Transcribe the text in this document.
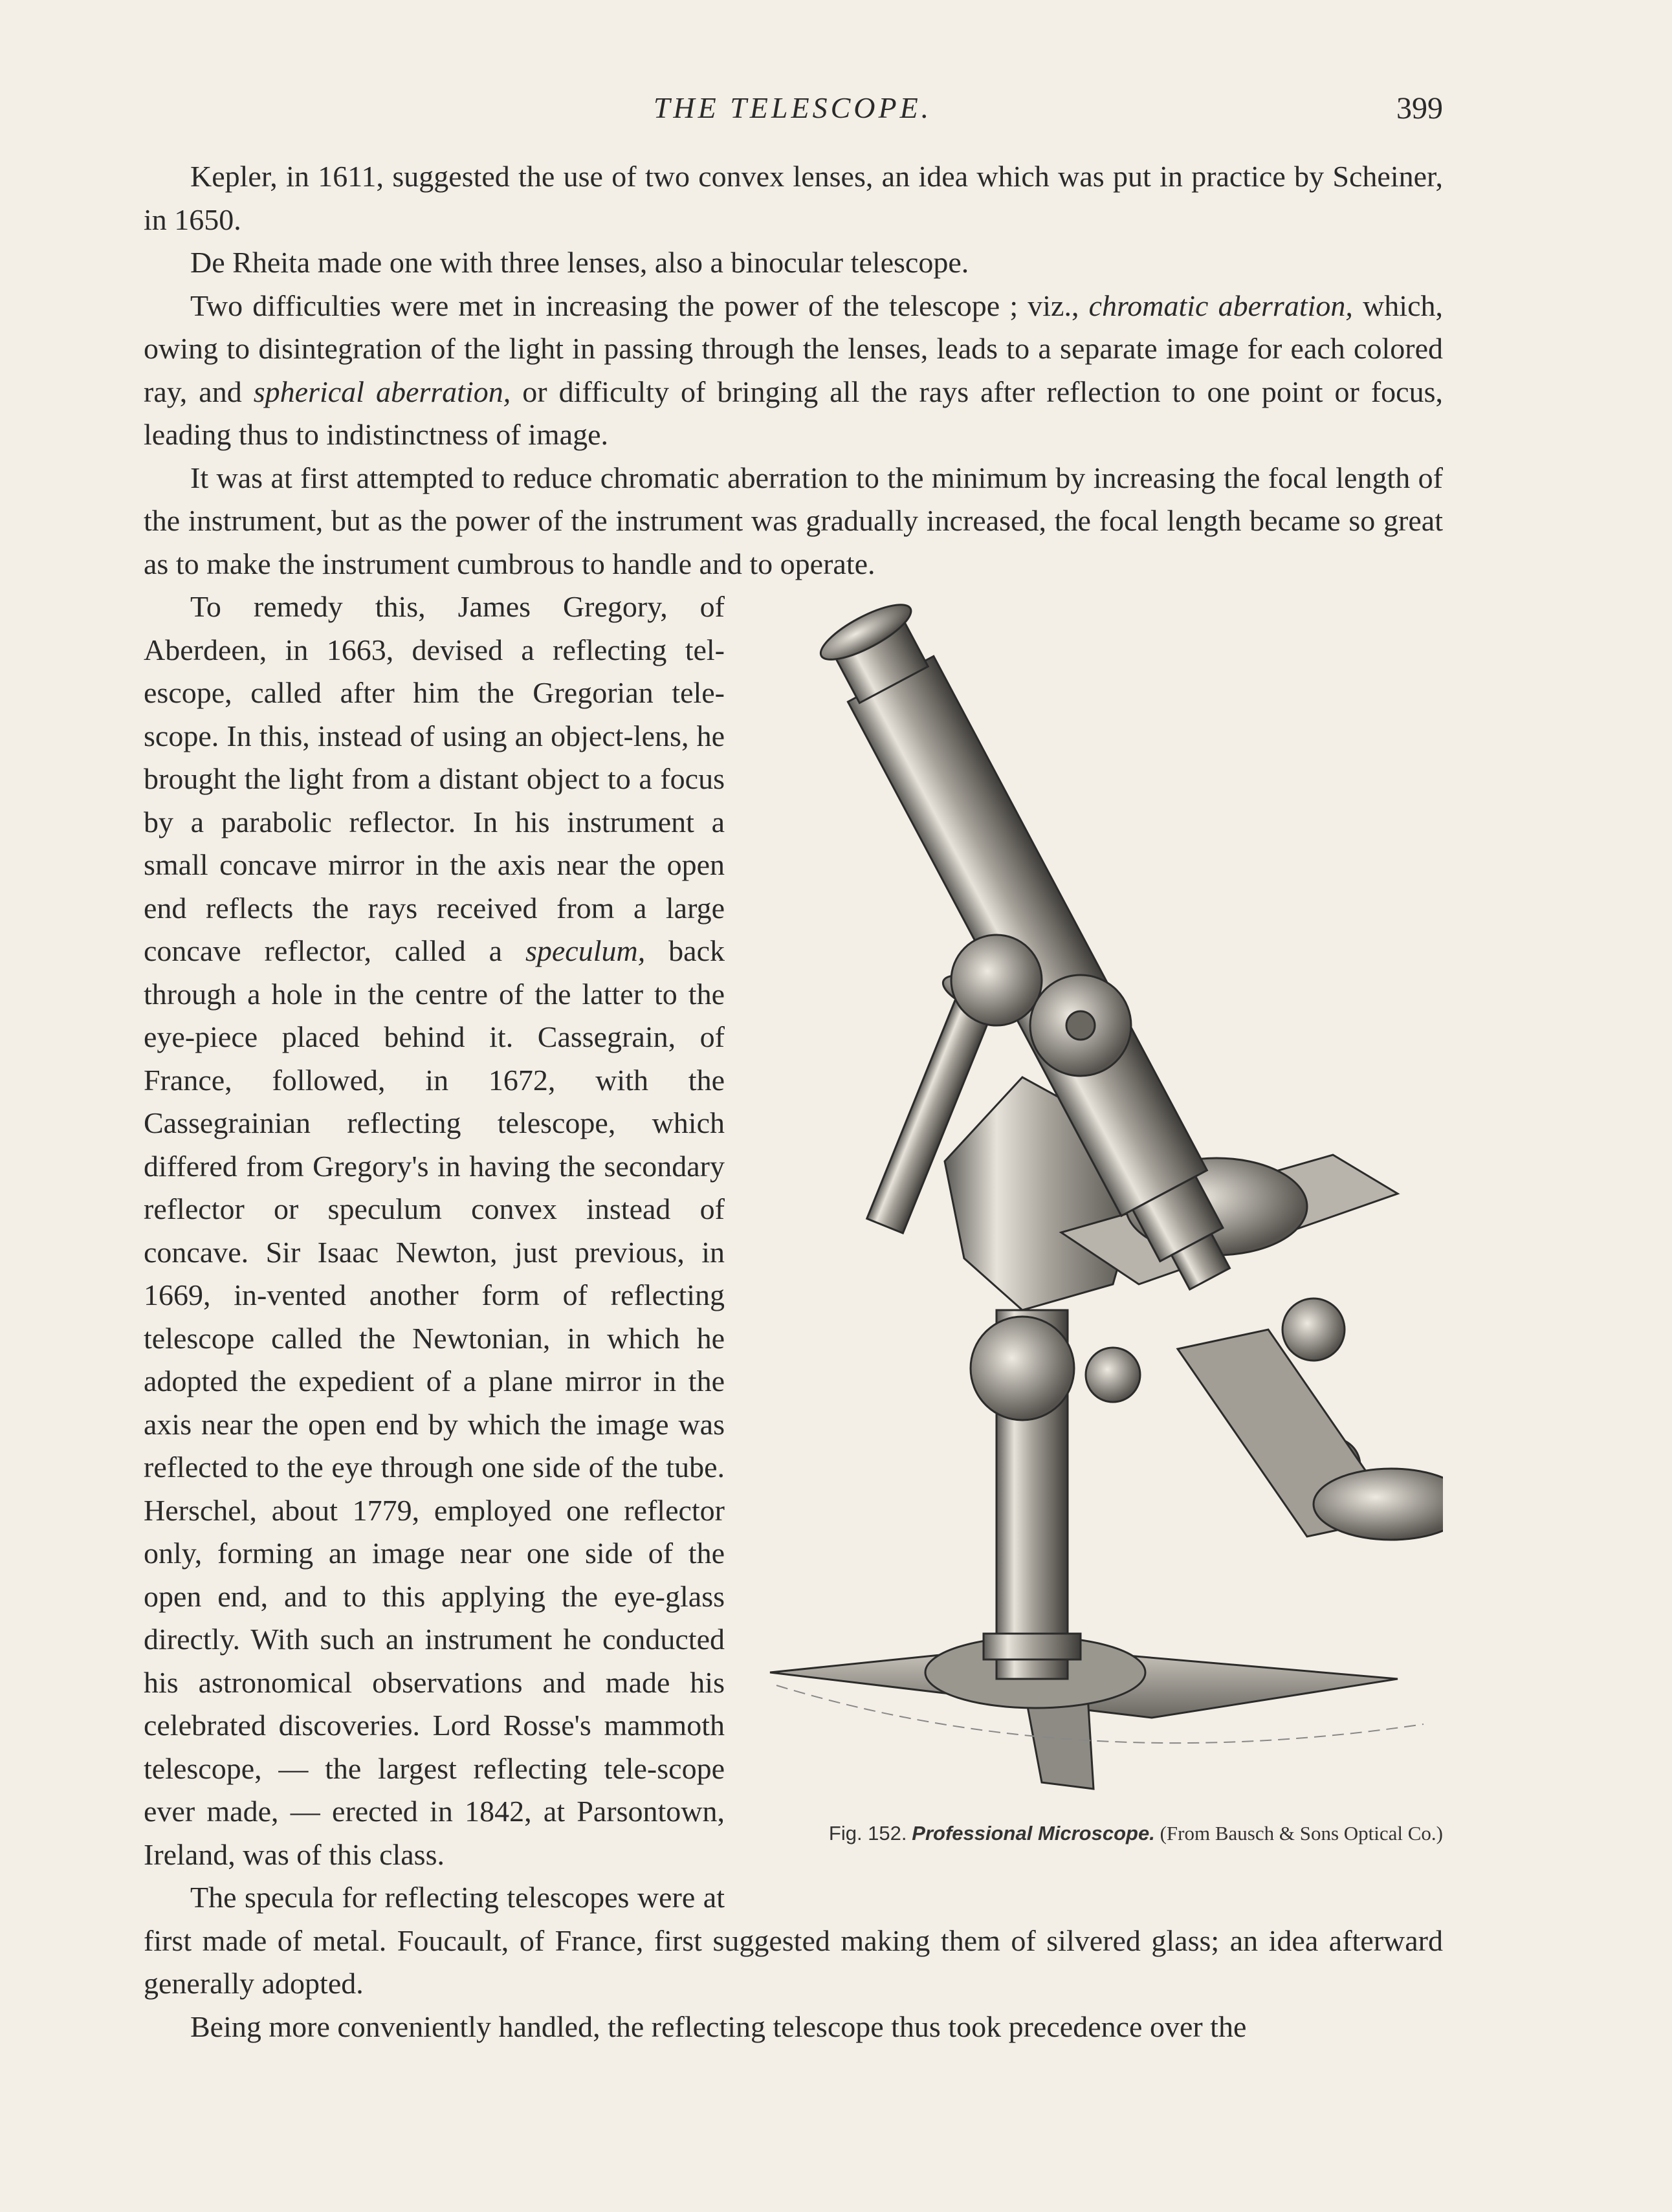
THE TELESCOPE.	399

Kepler, in 1611, suggested the use of two convex lenses, an idea which was put in practice by Scheiner, in 1650.

De Rheita made one with three lenses, also a binocular telescope.

Two difficulties were met in increasing the power of the telescope ; viz., chromatic aberration, which, owing to disintegration of the light in passing through the lenses, leads to a separate image for each colored ray, and spherical aberration, or difficulty of bringing all the rays after reflection to one point or focus, leading thus to indistinctness of image.

It was at first attempted to reduce chromatic aberration to the minimum by increasing the focal length of the instrument, but as the power of the instrument was gradually increased, the focal length became so great as to make the instrument cumbrous to handle and to operate.

Fig. 152. Professional Microscope. (From Bausch & Sons Optical Co.)

To remedy this, James Gregory, of Aberdeen, in 1663, devised a reflecting tel-escope, called after him the Gregorian tele-scope. In this, instead of using an object-lens, he brought the light from a distant object to a focus by a parabolic reflector. In his instrument a small concave mirror in the axis near the open end reflects the rays received from a large concave reflector, called a speculum, back through a hole in the centre of the latter to the eye-piece placed behind it. Cassegrain, of France, followed, in 1672, with the Cassegrainian reflecting telescope, which differed from Gregory's in having the secondary reflector or speculum convex instead of concave. Sir Isaac Newton, just previous, in 1669, in-vented another form of reflecting telescope called the Newtonian, in which he adopted the expedient of a plane mirror in the axis near the open end by which the image was reflected to the eye through one side of the tube. Herschel, about 1779, employed one reflector only, forming an image near one side of the open end, and to this applying the eye-glass directly. With such an instrument he conducted his astronomical observations and made his celebrated discoveries. Lord Rosse's mammoth telescope, — the largest reflecting tele-scope ever made, — erected in 1842, at Parsontown, Ireland, was of this class.

The specula for reflecting telescopes were at first made of metal. Foucault, of France, first suggested making them of silvered glass; an idea afterward generally adopted.

Being more conveniently handled, the reflecting telescope thus took precedence over the
